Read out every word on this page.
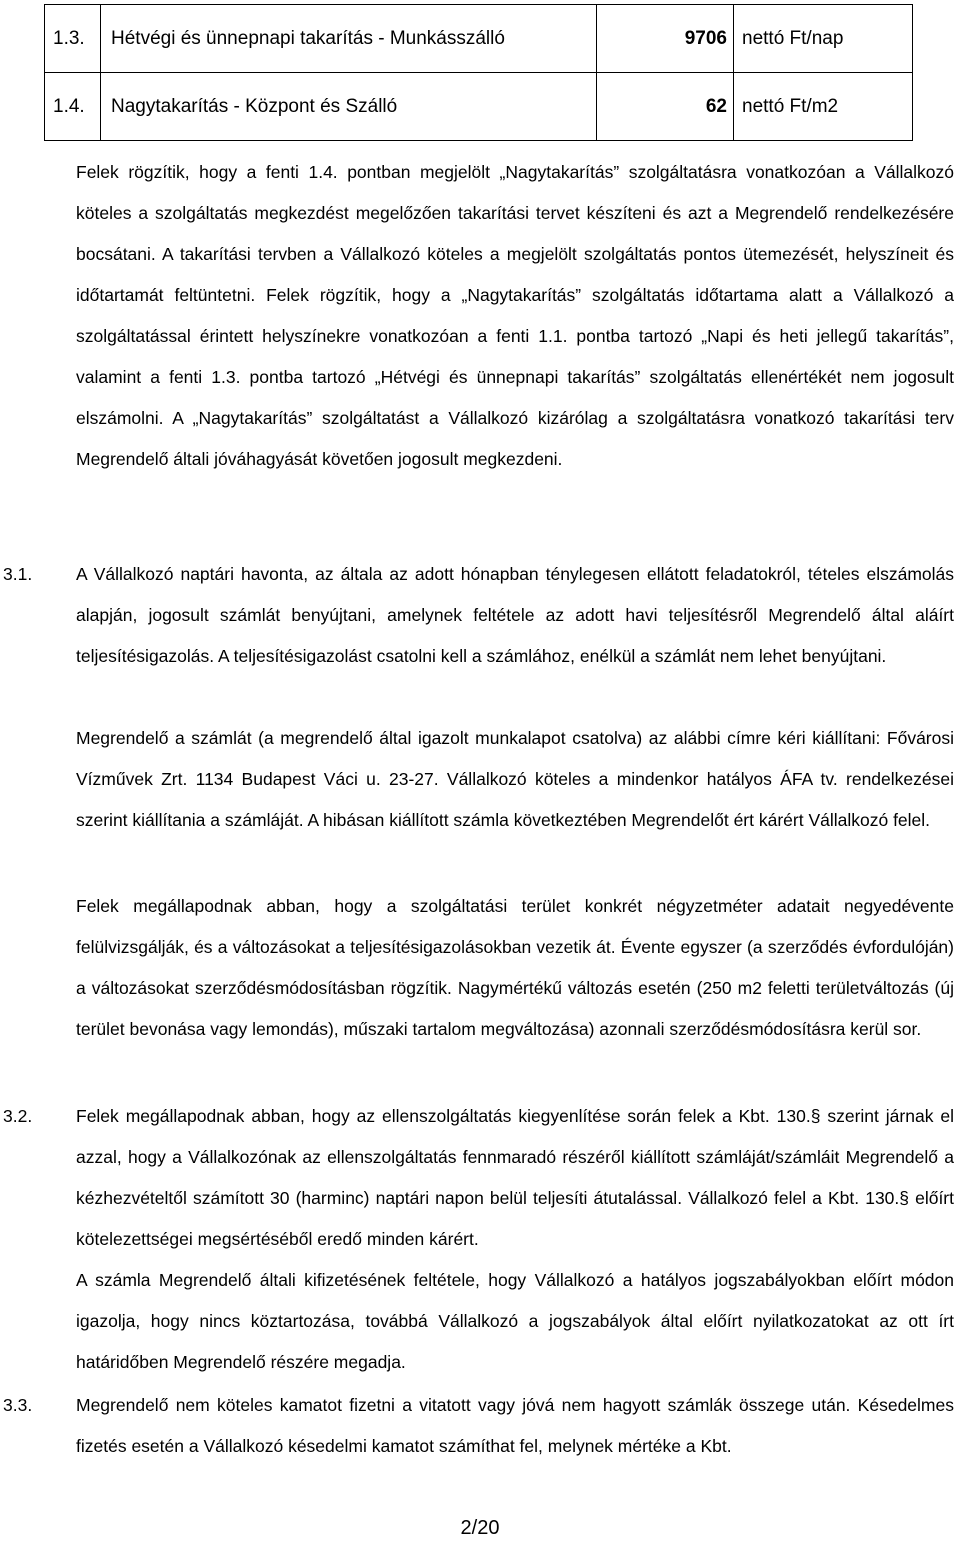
1.3.	Hétvégi és ünnepnapi takarítás - Munkásszálló	9706	nettó Ft/nap
1.4.	Nagytakarítás - Központ és Szálló	62	nettó Ft/m2
Felek rögzítik, hogy a fenti 1.4. pontban megjelölt „Nagytakarítás” szolgáltatásra vonatkozóan a Vállalkozó köteles a szolgáltatás megkezdést megelőzően takarítási tervet készíteni és azt a Megrendelő rendelkezésére bocsátani. A takarítási tervben a Vállalkozó köteles a megjelölt szolgáltatás pontos ütemezését, helyszíneit és időtartamát feltüntetni. Felek rögzítik, hogy a „Nagytakarítás” szolgáltatás időtartama alatt a Vállalkozó a szolgáltatással érintett helyszínekre vonatkozóan a fenti 1.1. pontba tartozó „Napi és heti jellegű takarítás”, valamint a fenti 1.3. pontba tartozó „Hétvégi és ünnepnapi takarítás” szolgáltatás ellenértékét nem jogosult elszámolni. A „Nagytakarítás” szolgáltatást a Vállalkozó kizárólag a szolgáltatásra vonatkozó takarítási terv Megrendelő általi jóváhagyását követően jogosult megkezdeni.
3.1.	A Vállalkozó naptári havonta, az általa az adott hónapban ténylegesen ellátott feladatokról, tételes elszámolás alapján, jogosult számlát benyújtani, amelynek feltétele az adott havi teljesítésről Megrendelő által aláírt teljesítésigazolás. A teljesítésigazolást csatolni kell a számlához, enélkül a számlát nem lehet benyújtani.
Megrendelő a számlát (a megrendelő által igazolt munkalapot csatolva) az alábbi címre kéri kiállítani: Fővárosi Vízművek Zrt. 1134 Budapest Váci u. 23-27. Vállalkozó köteles a mindenkor hatályos ÁFA tv. rendelkezései szerint kiállítania a számláját. A hibásan kiállított számla következtében Megrendelőt ért kárért Vállalkozó felel.
Felek megállapodnak abban, hogy a szolgáltatási terület konkrét négyzetméter adatait negyedévente felülvizsgálják, és a változásokat a teljesítésigazolásokban vezetik át. Évente egyszer (a szerződés évfordulóján) a változásokat szerződésmódosításban rögzítik. Nagymértékű változás esetén (250 m2 feletti területváltozás (új terület bevonása vagy lemondás), műszaki tartalom megváltozása) azonnali szerződésmódosításra kerül sor.
3.2.	Felek megállapodnak abban, hogy az ellenszolgáltatás kiegyenlítése során felek a Kbt. 130.§ szerint járnak el azzal, hogy a Vállalkozónak az ellenszolgáltatás fennmaradó részéről kiállított számláját/számláit Megrendelő a kézhezvételtől számított 30 (harminc) naptári napon belül teljesíti átutalással. Vállalkozó felel a Kbt. 130.§ előírt kötelezettségei megsértéséből eredő minden kárért.
A számla Megrendelő általi kifizetésének feltétele, hogy Vállalkozó a hatályos jogszabályokban előírt módon igazolja, hogy nincs köztartozása, továbbá Vállalkozó a jogszabályok által előírt nyilatkozatokat az ott írt határidőben Megrendelő részére megadja.
3.3.	Megrendelő nem köteles kamatot fizetni a vitatott vagy jóvá nem hagyott számlák összege után. Késedelmes fizetés esetén a Vállalkozó késedelmi kamatot számíthat fel, melynek mértéke a Kbt.
2/20
